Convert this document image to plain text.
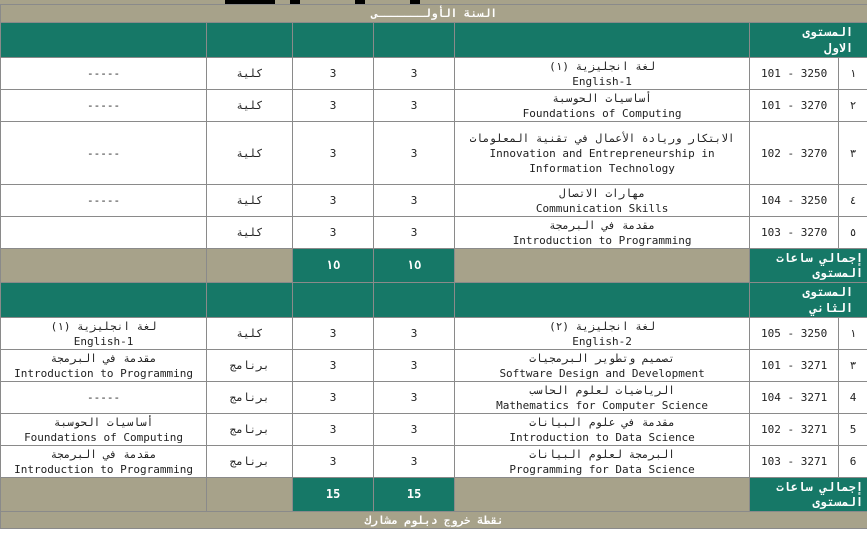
السنة الأولـــــــى						

المستوى
الاول						

١	3250 - 101	لغة انجليزية (١)
English-1	3	3	كلية	-----

٢	3270 - 101	أساسيات الحوسبة
Foundations of Computing	3	3	كلية	-----

٣	3270 - 102	الابتكار وريادة الأعمال في تقنية المعلومات
Innovation and Entrepreneurship in Information Technology	3	3	كلية	-----

٤	3250 - 104	مهارات الاتصال
Communication Skills	3	3	كلية	-----

٥	3270 - 103	مقدمة في البرمجة
Introduction to Programming	3	3	كلية	

إجمالي ساعات
المستوى			١٥	١٥		

المستوى
الثاني						

١	3250 - 105	لغة انجليزية (٢)
English-2	3	3	كلية	لغة انجليزية (١)
English-1

٣	3271 - 101	تصميم وتطوير البرمجيات
Software Design and Development	3	3	برنامج	مقدمة في البرمجة
Introduction to Programming

4	3271 - 104	الرياضيات لعلوم الحاسب
Mathematics for Computer Science	3	3	برنامج	-----

5	3271 - 102	مقدمة في علوم البيانات
Introduction to Data Science	3	3	برنامج	أساسيات الحوسبة
Foundations of Computing

6	3271 - 103	البرمجة لعلوم البيانات
Programming for Data Science	3	3	برنامج	مقدمة في البرمجة
Introduction to Programming

إجمالي ساعات
المستوى			15	15		
نقطة خروج دبلوم مشارك						
